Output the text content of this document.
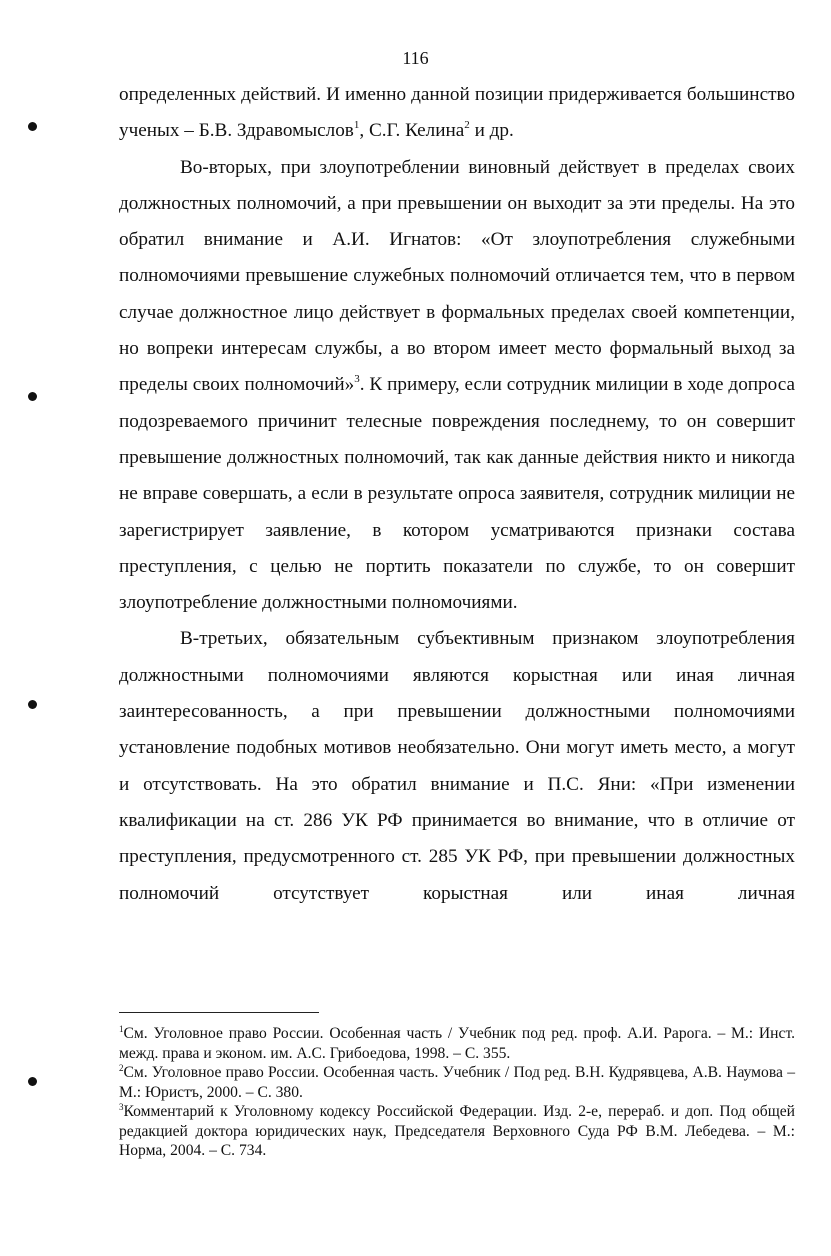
116

определенных действий. И именно данной позиции придерживается большинство ученых – Б.В. Здравомыслов$^1$, С.Г. Келина$^2$ и др.

Во-вторых, при злоупотреблении виновный действует в пределах своих должностных полномочий, а при превышении он выходит за эти пределы. На это обратил внимание и А.И. Игнатов: «От злоупотребления служебными полномочиями превышение служебных полномочий отличается тем, что в первом случае должностное лицо действует в формальных пределах своей компетенции, но вопреки интересам службы, а во втором имеет место формальный выход за пределы своих полномочий»$^3$. К примеру, если сотрудник милиции в ходе допроса подозреваемого причинит телесные повреждения последнему, то он совершит превышение должностных полномочий, так как данные действия никто и никогда не вправе совершать, а если в результате опроса заявителя, сотрудник милиции не зарегистрирует заявление, в котором усматриваются признаки состава преступления, с целью не портить показатели по службе, то он совершит злоупотребление должностными полномочиями.

В-третьих, обязательным субъективным признаком злоупотребления должностными полномочиями являются корыстная или иная личная заинтересованность, а при превышении должностными полномочиями установление подобных мотивов необязательно. Они могут иметь место, а могут и отсутствовать. На это обратил внимание и П.С. Яни: «При изменении квалификации на ст. 286 УК РФ принимается во внимание, что в отличие от преступления, предусмотренного ст. 285 УК РФ, при превышении должностных полномочий отсутствует корыстная или иная личная

$^1$См. Уголовное право России. Особенная часть / Учебник под ред. проф. А.И. Рарога. – М.: Инст. межд. права и эконом. им. А.С. Грибоедова, 1998. – С. 355.

$^2$См. Уголовное право России. Особенная часть. Учебник / Под ред. В.Н. Кудрявцева, А.В. Наумова – М.: Юристъ, 2000. – С. 380.

$^3$Комментарий к Уголовному кодексу Российской Федерации. Изд. 2-е, перераб. и доп. Под общей редакцией доктора юридических наук, Председателя Верховного Суда РФ В.М. Лебедева. – М.: Норма, 2004. – С. 734.
